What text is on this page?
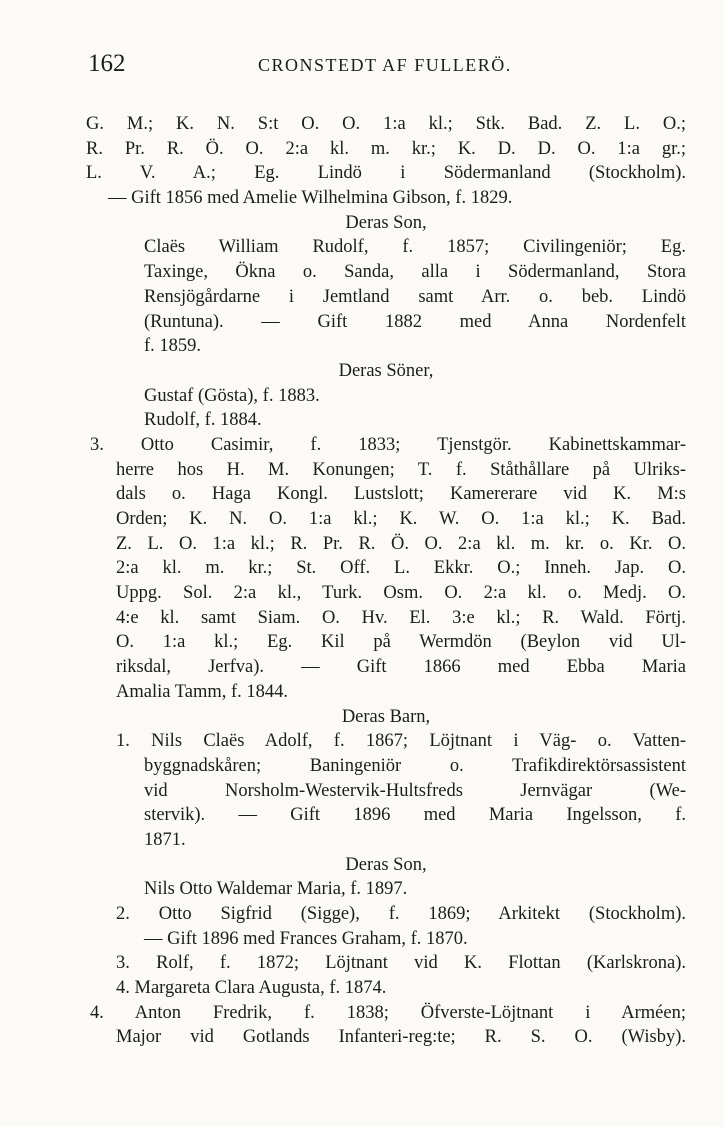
162	CRONSTEDT AF FULLERÖ.
G. M.; K. N. S:t O. O. 1:a kl.; Stk. Bad. Z. L. O.;
R. Pr. R. Ö. O. 2:a kl. m. kr.; K. D. D. O. 1:a gr.;
L. V. A.; Eg. Lindö i Södermanland (Stockholm).
— Gift 1856 med Amelie Wilhelmina Gibson, f. 1829.
Deras Son,
Claës William Rudolf, f. 1857; Civilingeniör; Eg.
Taxinge, Ökna o. Sanda, alla i Södermanland, Stora
Rensjögårdarne i Jemtland samt Arr. o. beb. Lindö
(Runtuna). — Gift 1882 med Anna Nordenfelt
f. 1859.
Deras Söner,
Gustaf (Gösta), f. 1883.
Rudolf, f. 1884.
3. Otto Casimir, f. 1833; Tjenstgör. Kabinettskammar-
herre hos H. M. Konungen; T. f. Ståthållare på Ulriks-
dals o. Haga Kongl. Lustslott; Kamererare vid K. M:s
Orden; K. N. O. 1:a kl.; K. W. O. 1:a kl.; K. Bad.
Z. L. O. 1:a kl.; R. Pr. R. Ö. O. 2:a kl. m. kr. o. Kr. O.
2:a kl. m. kr.; St. Off. L. Ekkr. O.; Inneh. Jap. O.
Uppg. Sol. 2:a kl., Turk. Osm. O. 2:a kl. o. Medj. O.
4:e kl. samt Siam. O. Hv. El. 3:e kl.; R. Wald. Förtj.
O. 1:a kl.; Eg. Kil på Wermdön (Beylon vid Ul-
riksdal, Jerfva). — Gift 1866 med Ebba Maria
Amalia Tamm, f. 1844.
Deras Barn,
1. Nils Claës Adolf, f. 1867; Löjtnant i Väg- o. Vatten-
byggnadskåren; Baningeniör o. Trafikdirektörsassistent
vid Norsholm-Westervik-Hultsfreds Jernvägar (We-
stervik). — Gift 1896 med Maria Ingelsson, f.
1871.
Deras Son,
Nils Otto Waldemar Maria, f. 1897.
2. Otto Sigfrid (Sigge), f. 1869; Arkitekt (Stockholm).
— Gift 1896 med Frances Graham, f. 1870.
3. Rolf, f. 1872; Löjtnant vid K. Flottan (Karlskrona).
4. Margareta Clara Augusta, f. 1874.
4. Anton Fredrik, f. 1838; Öfverste-Löjtnant i Arméen;
Major vid Gotlands Infanteri-reg:te; R. S. O. (Wisby).
